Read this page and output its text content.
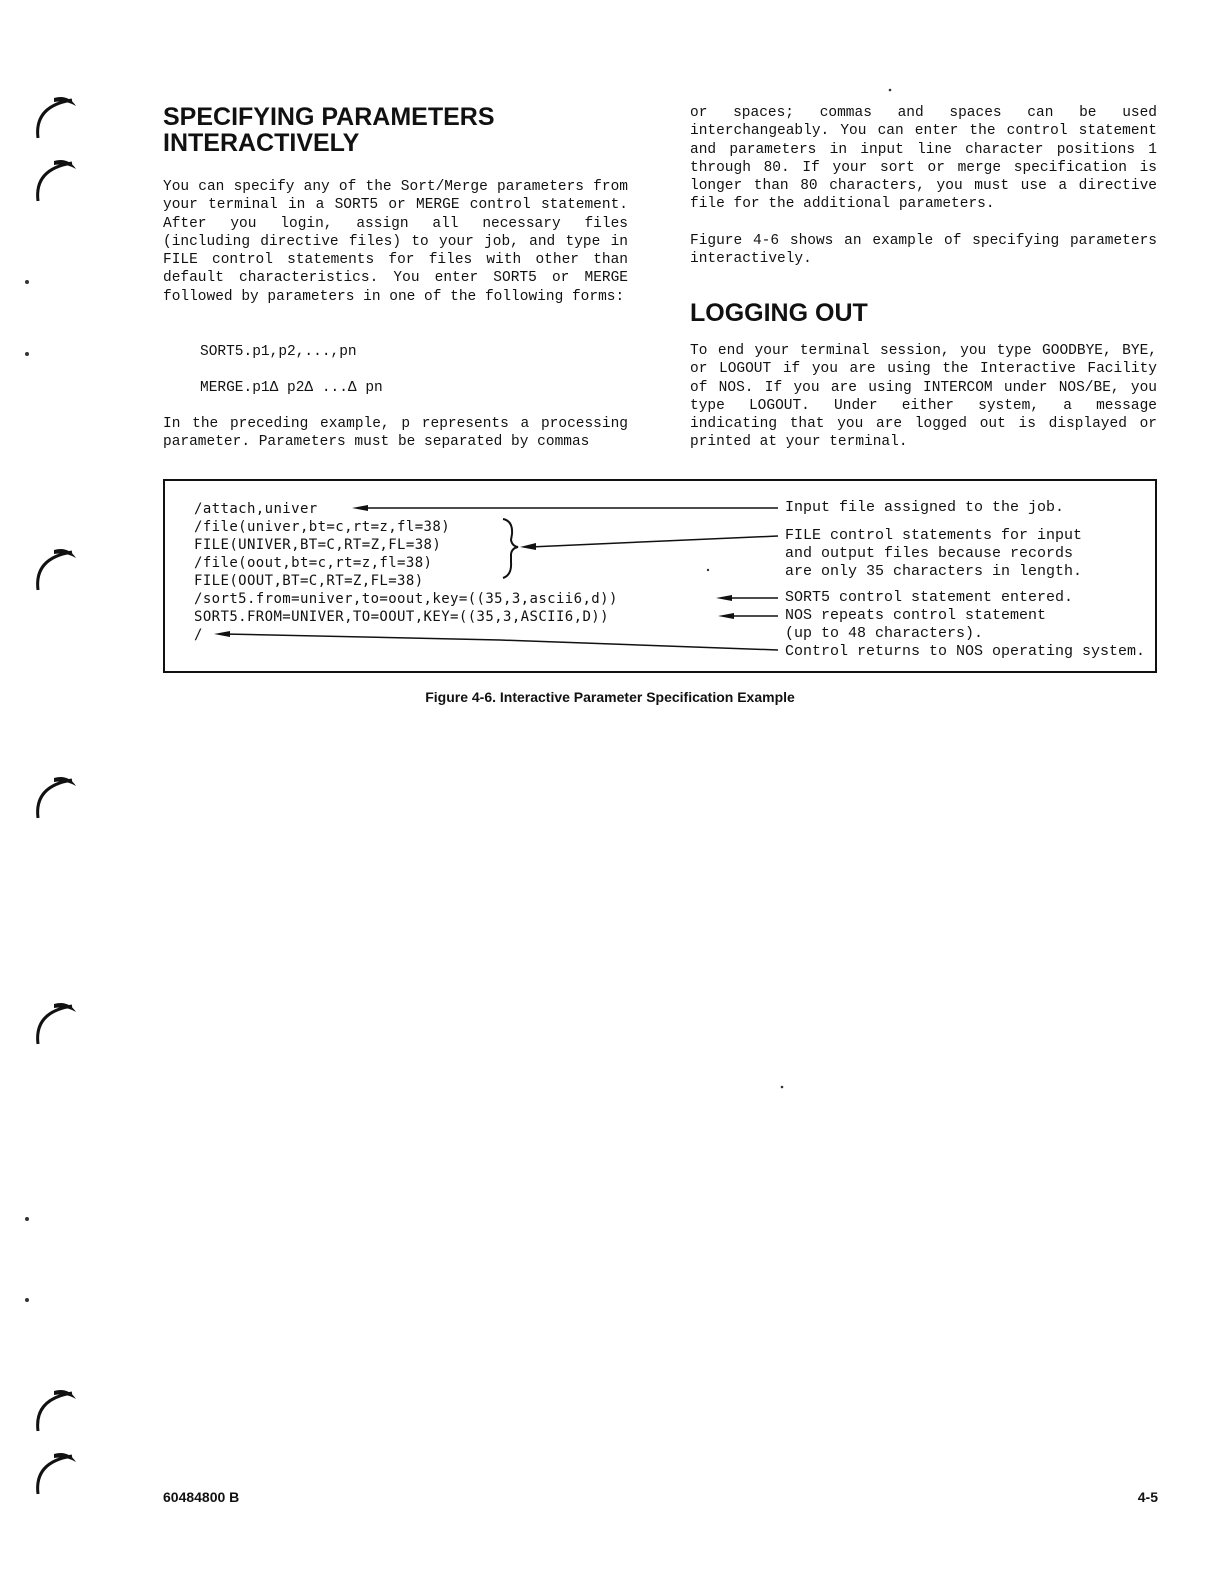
SPECIFYING PARAMETERS
INTERACTIVELY

You can specify any of the Sort/Merge parameters from your terminal in a SORT5 or MERGE control statement. After you login, assign all necessary files (including directive files) to your job, and type in FILE control statements for files with other than default characteristics. You enter SORT5 or MERGE followed by parameters in one of the following forms:

SORT5.p1,p2,...,pn

MERGE.p1Δ p2Δ ...Δ pn

In the preceding example, p represents a processing parameter. Parameters must be separated by commas

or spaces; commas and spaces can be used interchangeably. You can enter the control statement and parameters in input line character positions 1 through 80. If your sort or merge specification is longer than 80 characters, you must use a directive file for the additional parameters.

Figure 4-6 shows an example of specifying parameters interactively.

LOGGING OUT

To end your terminal session, you type GOODBYE, BYE, or LOGOUT if you are using the Interactive Facility of NOS. If you are using INTERCOM under NOS/BE, you type LOGOUT. Under either system, a message indicating that you are logged out is displayed or printed at your terminal.

/attach,univer

/file(univer,bt=c,rt=z,fl=38)

FILE(UNIVER,BT=C,RT=Z,FL=38)

/file(oout,bt=c,rt=z,fl=38)

FILE(OOUT,BT=C,RT=Z,FL=38)

/sort5.from=univer,to=oout,key=((35,3,ascii6,d))

SORT5.FROM=UNIVER,TO=OOUT,KEY=((35,3,ASCII6,D))

/

Input file assigned to the job.

FILE control statements for input

and output files because records

are only 35 characters in length.

SORT5 control statement entered.

NOS repeats control statement

(up to 48 characters).

Control returns to NOS operating system.

Figure 4-6. Interactive Parameter Specification Example

60484800 B	4-5
